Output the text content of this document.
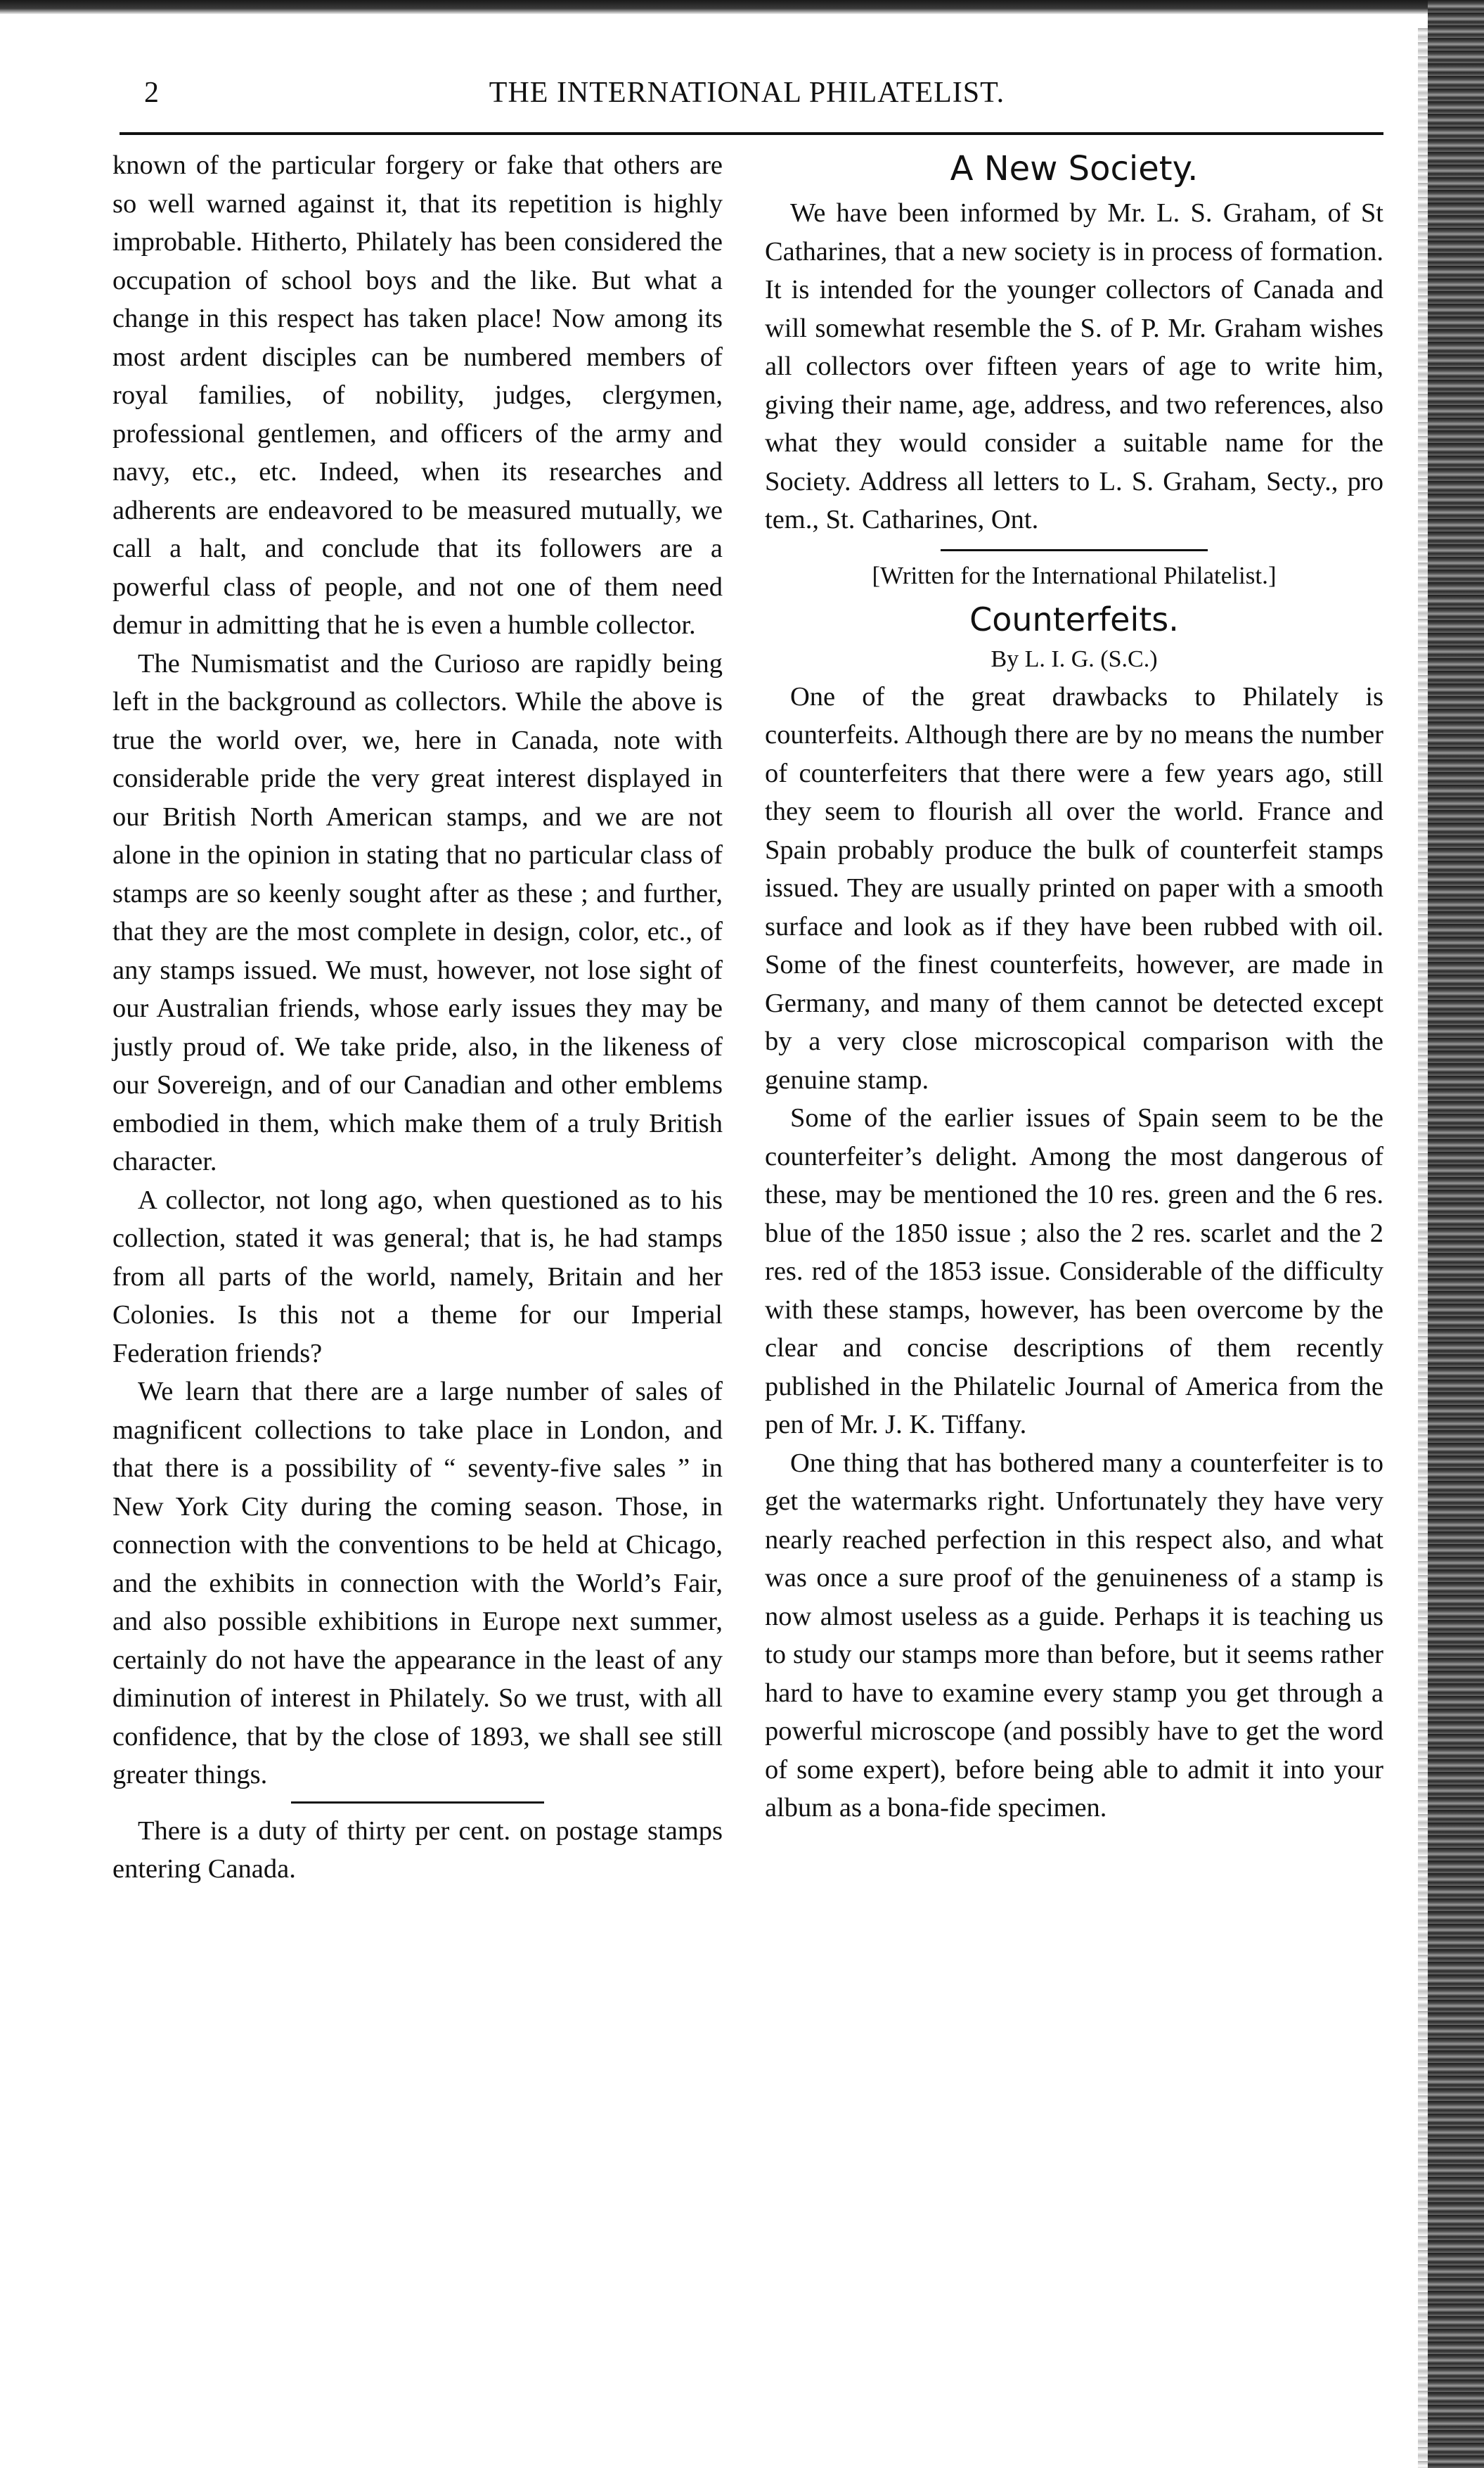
2	THE INTERNATIONAL PHILATELIST.

known of the particular forgery or fake that others are so well warned against it, that its repetition is highly improbable. Hitherto, Philately has been considered the occupation of school boys and the like. But what a change in this respect has taken place! Now among its most ardent disciples can be numbered members of royal families, of nobility, judges, clergymen, professional gentlemen, and officers of the army and navy, etc., etc. Indeed, when its researches and adherents are endeavored to be measured mutually, we call a halt, and conclude that its followers are a powerful class of people, and not one of them need demur in admitting that he is even a humble collector.

The Numismatist and the Curioso are rapidly being left in the background as collectors. While the above is true the world over, we, here in Canada, note with considerable pride the very great interest displayed in our British North American stamps, and we are not alone in the opinion in stating that no particular class of stamps are so keenly sought after as these ; and further, that they are the most complete in design, color, etc., of any stamps issued. We must, however, not lose sight of our Australian friends, whose early issues they may be justly proud of. We take pride, also, in the likeness of our Sovereign, and of our Canadian and other emblems embodied in them, which make them of a truly British character.

A collector, not long ago, when questioned as to his collection, stated it was general; that is, he had stamps from all parts of the world, namely, Britain and her Colonies. Is this not a theme for our Imperial Federation friends?

We learn that there are a large number of sales of magnificent collections to take place in London, and that there is a possibility of “ seventy-five sales ” in New York City during the coming season. Those, in connection with the conventions to be held at Chicago, and the exhibits in connection with the World’s Fair, and also possible exhibitions in Europe next summer, certainly do not have the appearance in the least of any diminution of interest in Philately. So we trust, with all confidence, that by the close of 1893, we shall see still greater things.

There is a duty of thirty per cent. on postage stamps entering Canada.

A New Society.

We have been informed by Mr. L. S. Graham, of St Catharines, that a new society is in process of formation. It is intended for the younger collectors of Canada and will somewhat resemble the S. of P. Mr. Graham wishes all collectors over fifteen years of age to write him, giving their name, age, address, and two references, also what they would consider a suitable name for the Society. Address all letters to L. S. Graham, Secty., pro tem., St. Catharines, Ont.

[Written for the International Philatelist.]
Counterfeits.
By L. I. G. (S.C.)

One of the great drawbacks to Philately is counterfeits. Although there are by no means the number of counterfeiters that there were a few years ago, still they seem to flourish all over the world. France and Spain probably produce the bulk of counterfeit stamps issued. They are usually printed on paper with a smooth surface and look as if they have been rubbed with oil. Some of the finest counterfeits, however, are made in Germany, and many of them cannot be detected except by a very close microscopical comparison with the genuine stamp.

Some of the earlier issues of Spain seem to be the counterfeiter’s delight. Among the most dangerous of these, may be mentioned the 10 res. green and the 6 res. blue of the 1850 issue ; also the 2 res. scarlet and the 2 res. red of the 1853 issue. Considerable of the difficulty with these stamps, however, has been overcome by the clear and concise descriptions of them recently published in the Philatelic Journal of America from the pen of Mr. J. K. Tiffany.

One thing that has bothered many a counterfeiter is to get the watermarks right. Unfortunately they have very nearly reached perfection in this respect also, and what was once a sure proof of the genuineness of a stamp is now almost useless as a guide. Perhaps it is teaching us to study our stamps more than before, but it seems rather hard to have to examine every stamp you get through a powerful microscope (and possibly have to get the word of some expert), before being able to admit it into your album as a bona-fide specimen.
